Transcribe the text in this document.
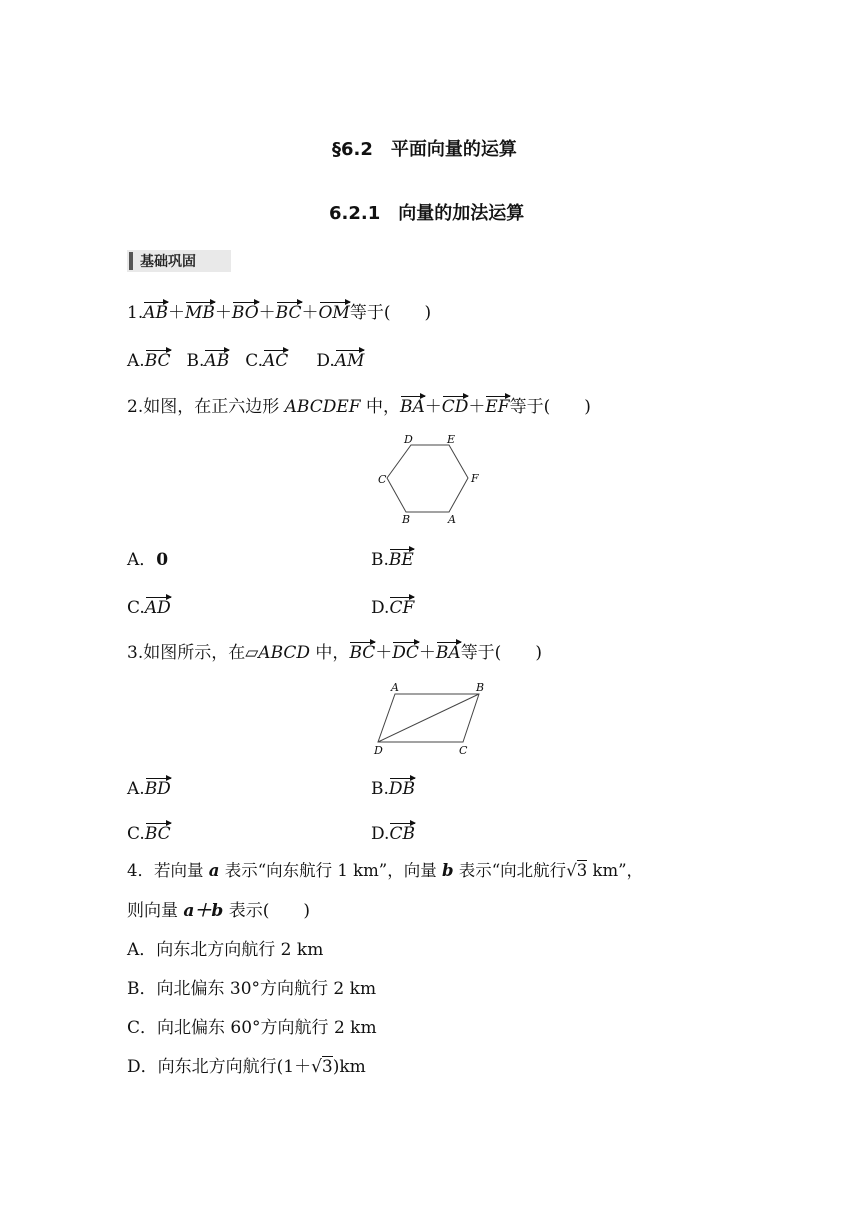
§6.2　平面向量的运算
6.2.1　向量的加法运算
基础巩固
1.AB＋MB＋BO＋BC＋OM等于(　　)
A.BC B.AB C.AC D.AM
2.如图，在正六边形 ABCDEF 中，BA＋CD＋EF等于(　　)
D	E
C	F
B	A
A．0	B.BE
C.AD	D.CF
3.如图所示，在▱ABCD 中，BC＋DC＋BA等于(　　)
A	B
D	C
A.BD	B.DB
C.BC	D.CB
4．若向量 a 表示“向东航行 1 km”，向量 b 表示“向北航行√3 km”，
则向量 a＋b 表示(　　)
A．向东北方向航行 2 km
B．向北偏东 30°方向航行 2 km
C．向北偏东 60°方向航行 2 km
D．向东北方向航行(1＋√3)km
